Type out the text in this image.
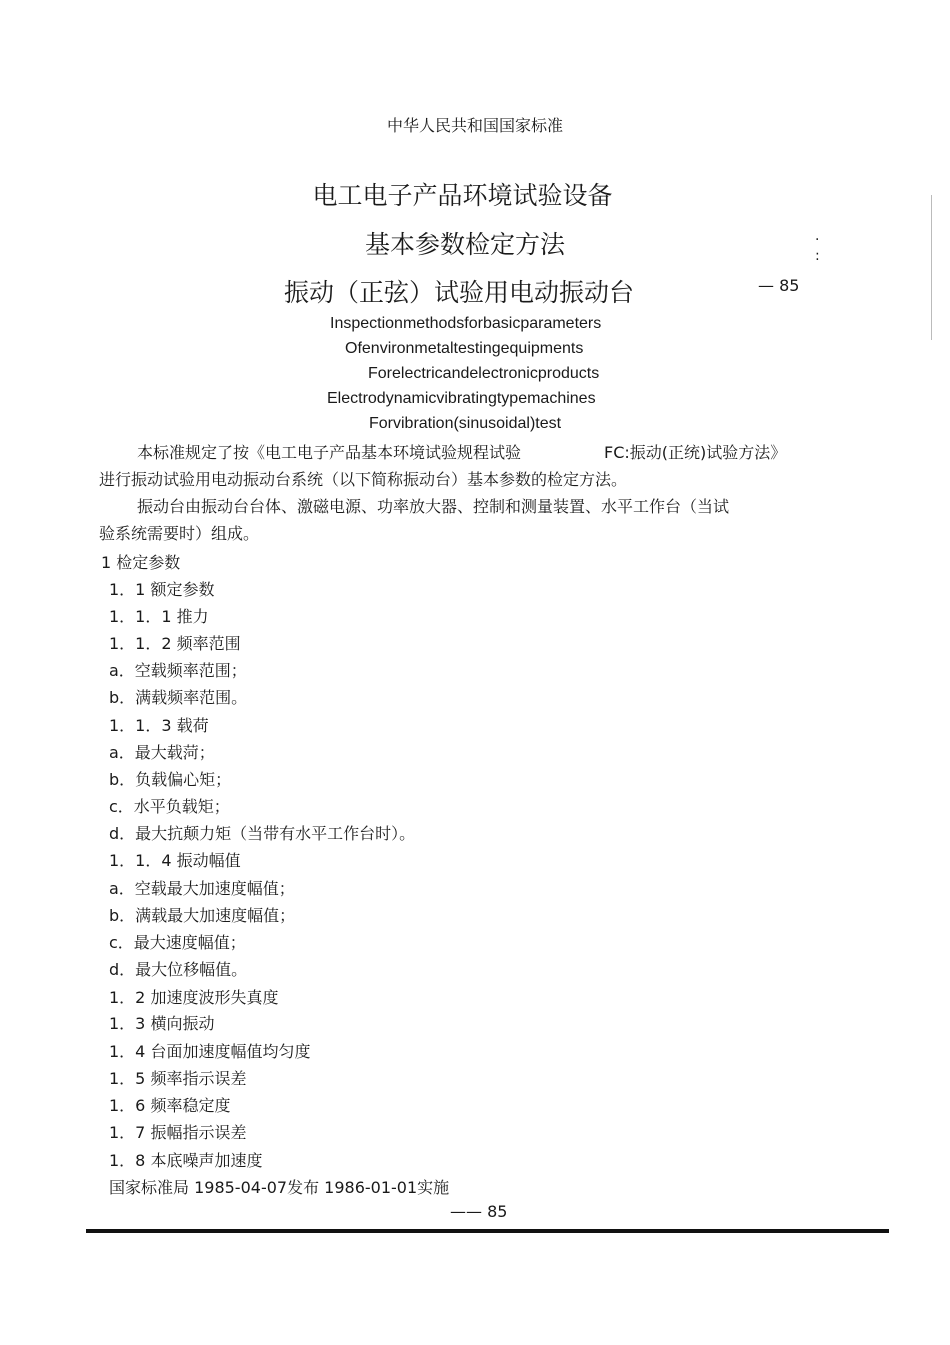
中华人民共和国国家标准
电工电子产品环境试验设备
基本参数检定方法
振动（正弦）试验用电动振动台
·
:
— 85
Inspectionmethodsforbasicparameters
Ofenvironmetaltestingequipments
Forelectricandelectronicproducts
Electrodynamicvibratingtypemachines
Forvibration(sinusoidal)test
本标准规定了按《电工电子产品基本环境试验规程试验	FC:振动(正统)试验方法》
进行振动试验用电动振动台系统（以下简称振动台）基本参数的检定方法。
振动台由振动台台体、激磁电源、功率放大器、控制和测量装置、水平工作台（当试
验系统需要时）组成。
1 检定参数
1．1 额定参数
1．1．1 推力
1．1．2 频率范围
a．空载频率范围；
b．满载频率范围。
1．1．3 载荷
a．最大载菏；
b．负载偏心矩；
c．水平负载矩；
d．最大抗颠力矩（当带有水平工作台时）。
1．1．4 振动幅值
a．空载最大加速度幅值；
b．满载最大加速度幅值；
c．最大速度幅值；
d．最大位移幅值。
1．2 加速度波形失真度
1．3 横向振动
1．4 台面加速度幅值均匀度
1．5 频率指示误差
1．6 频率稳定度
1．7 振幅指示误差
1．8 本底噪声加速度
国家标准局 1985-04-07发布 1986-01-01实施
—— 85
